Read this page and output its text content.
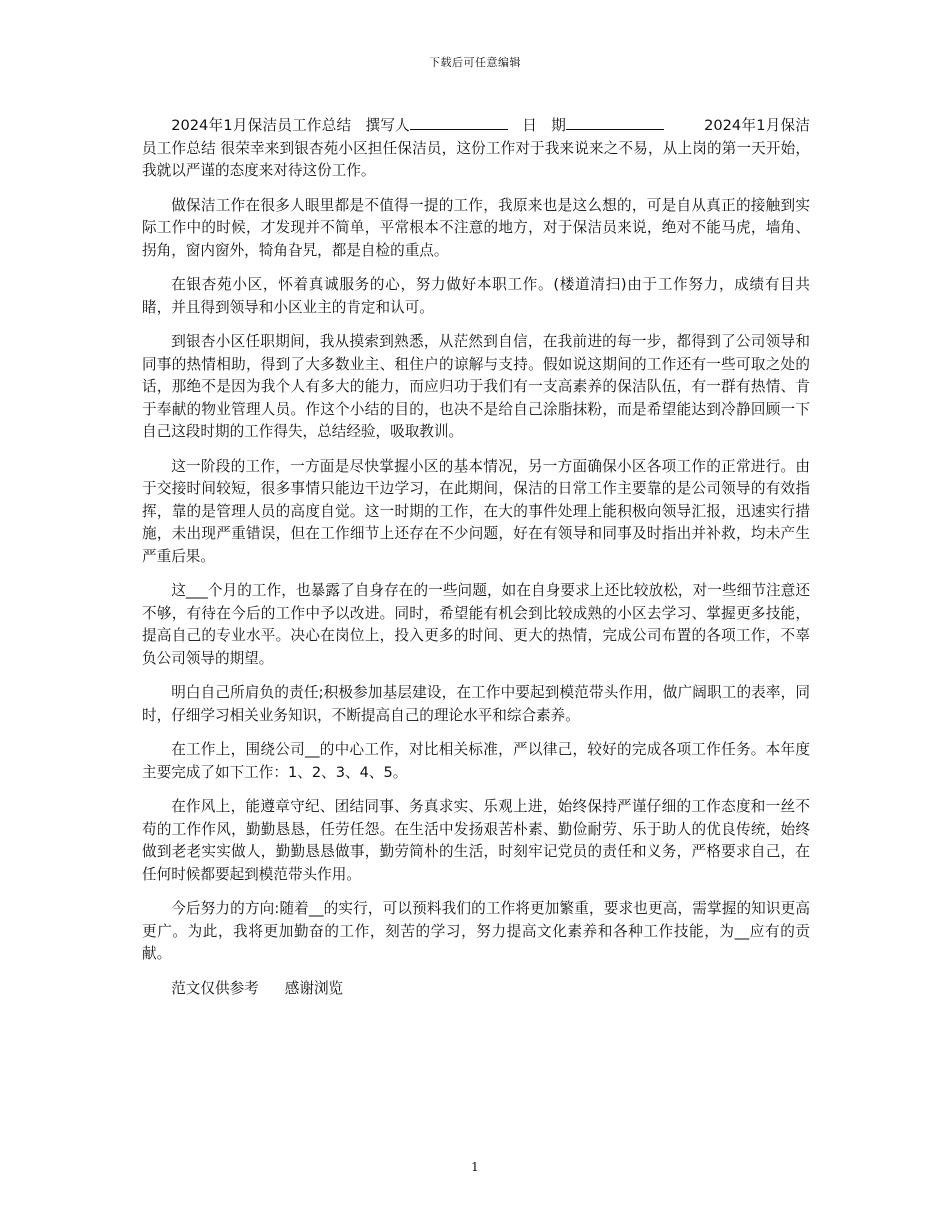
下载后可任意编辑

2024年1月保洁员工作总结 撰写人	日 期	2024年1月保洁员工作总结 很荣幸来到银杏苑小区担任保洁员，这份工作对于我来说来之不易，从上岗的第一天开始，我就以严谨的态度来对待这份工作。

做保洁工作在很多人眼里都是不值得一提的工作，我原来也是这么想的，可是自从真正的接触到实际工作中的时候，才发现并不简单，平常根本不注意的地方，对于保洁员来说，绝对不能马虎，墙角、拐角，窗内窗外，犄角旮旯，都是自检的重点。

在银杏苑小区，怀着真诚服务的心，努力做好本职工作。(楼道清扫)由于工作努力，成绩有目共睹，并且得到领导和小区业主的肯定和认可。

到银杏小区任职期间，我从摸索到熟悉，从茫然到自信，在我前进的每一步，都得到了公司领导和同事的热情相助，得到了大多数业主、租住户的谅解与支持。假如说这期间的工作还有一些可取之处的话，那绝不是因为我个人有多大的能力，而应归功于我们有一支高素养的保洁队伍，有一群有热情、肯于奉献的物业管理人员。作这个小结的目的，也决不是给自己涂脂抹粉，而是希望能达到冷静回顾一下自己这段时期的工作得失，总结经验，吸取教训。

这一阶段的工作，一方面是尽快掌握小区的基本情况，另一方面确保小区各项工作的正常进行。由于交接时间较短，很多事情只能边干边学习，在此期间，保洁的日常工作主要靠的是公司领导的有效指挥，靠的是管理人员的高度自觉。这一时期的工作，在大的事件处理上能积极向领导汇报，迅速实行措施，未出现严重错误，但在工作细节上还存在不少问题，好在有领导和同事及时指出并补救，均未产生严重后果。

这___个月的工作，也暴露了自身存在的一些问题，如在自身要求上还比较放松，对一些细节注意还不够，有待在今后的工作中予以改进。同时，希望能有机会到比较成熟的小区去学习、掌握更多技能，提高自己的专业水平。决心在岗位上，投入更多的时间、更大的热情，完成公司布置的各项工作，不辜负公司领导的期望。

明白自己所肩负的责任;积极参加基层建设，在工作中要起到模范带头作用，做广阔职工的表率，同时，仔细学习相关业务知识，不断提高自己的理论水平和综合素养。

在工作上，围绕公司__的中心工作，对比相关标准，严以律己，较好的完成各项工作任务。本年度主要完成了如下工作：1、2、3、4、5。

在作风上，能遵章守纪、团结同事、务真求实、乐观上进，始终保持严谨仔细的工作态度和一丝不苟的工作作风，勤勤恳恳，任劳任怨。在生活中发扬艰苦朴素、勤俭耐劳、乐于助人的优良传统，始终做到老老实实做人，勤勤恳恳做事，勤劳简朴的生活，时刻牢记党员的责任和义务，严格要求自己，在任何时候都要起到模范带头作用。

今后努力的方向:随着__的实行，可以预料我们的工作将更加繁重，要求也更高，需掌握的知识更高更广。为此，我将更加勤奋的工作，刻苦的学习，努力提高文化素养和各种工作技能，为__应有的贡献。

范文仅供参考 感谢浏览
1
